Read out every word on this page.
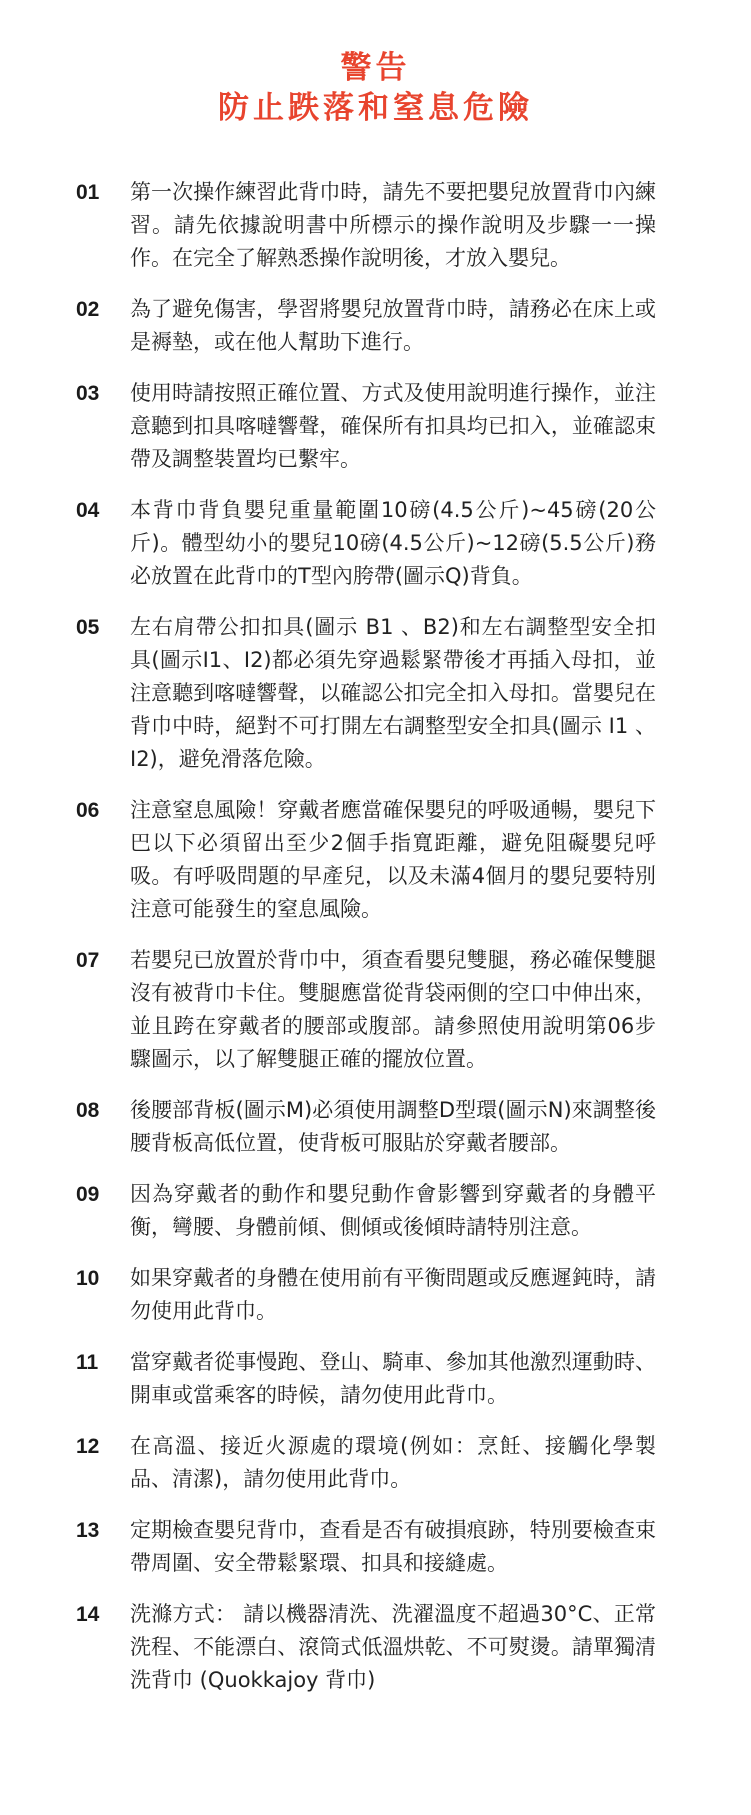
警告
防止跌落和窒息危險
01	第一次操作練習此背巾時，請先不要把嬰兒放置背巾內練習。請先依據說明書中所標示的操作說明及步驟一一操作。在完全了解熟悉操作說明後，才放入嬰兒。
02	為了避免傷害，學習將嬰兒放置背巾時，請務必在床上或是褥墊，或在他人幫助下進行。
03	使用時請按照正確位置、方式及使用說明進行操作，並注意聽到扣具喀噠響聲，確保所有扣具均已扣入，並確認束帶及調整裝置均已繫牢。
04	本背巾背負嬰兒重量範圍10磅(4.5公斤)~45磅(20公斤)。體型幼小的嬰兒10磅(4.5公斤)~12磅(5.5公斤)務必放置在此背巾的T型內胯帶(圖示Q)背負。
05	左右肩帶公扣扣具(圖示 B1 、B2)和左右調整型安全扣具(圖示I1、I2)都必須先穿過鬆緊帶後才再插入母扣，並注意聽到喀噠響聲，以確認公扣完全扣入母扣。當嬰兒在背巾中時，絕對不可打開左右調整型安全扣具(圖示 I1 、I2)，避免滑落危險。
06	注意窒息風險！穿戴者應當確保嬰兒的呼吸通暢，嬰兒下巴以下必須留出至少2個手指寬距離，避免阻礙嬰兒呼吸。有呼吸問題的早產兒，以及未滿4個月的嬰兒要特別注意可能發生的窒息風險。
07	若嬰兒已放置於背巾中，須查看嬰兒雙腿，務必確保雙腿沒有被背巾卡住。雙腿應當從背袋兩側的空口中伸出來，並且跨在穿戴者的腰部或腹部。請參照使用說明第06步驟圖示，以了解雙腿正確的擺放位置。
08	後腰部背板(圖示M)必須使用調整D型環(圖示N)來調整後腰背板高低位置，使背板可服貼於穿戴者腰部。
09	因為穿戴者的動作和嬰兒動作會影響到穿戴者的身體平衡，彎腰、身體前傾、側傾或後傾時請特別注意。
10	如果穿戴者的身體在使用前有平衡問題或反應遲鈍時，請勿使用此背巾。
11	當穿戴者從事慢跑、登山、騎車、參加其他激烈運動時、開車或當乘客的時候，請勿使用此背巾。
12	在高溫、接近火源處的環境(例如：烹飪、接觸化學製品、清潔)，請勿使用此背巾。
13	定期檢查嬰兒背巾，查看是否有破損痕跡，特別要檢查束帶周圍、安全帶鬆緊環、扣具和接縫處。
14	洗滌方式： 請以機器清洗、洗濯溫度不超過30°C、正常洗程、不能漂白、滾筒式低溫烘乾、不可熨燙。請單獨清洗背巾 (Quokkajoy 背巾)
